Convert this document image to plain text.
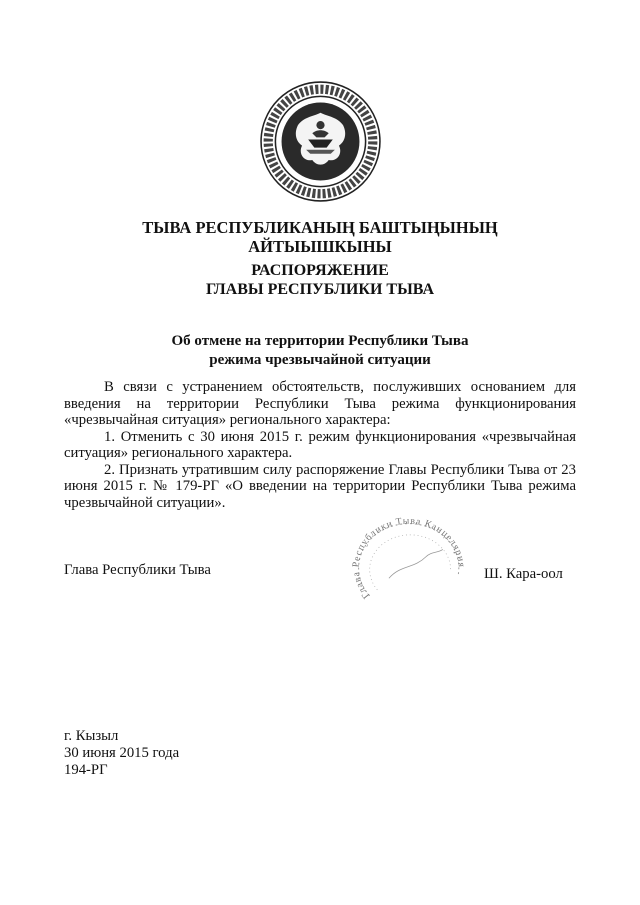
ТЫВА РЕСПУБЛИКАНЫҢ БАШТЫҢЫНЫҢ
АЙТЫЫШКЫНЫ
РАСПОРЯЖЕНИЕ
ГЛАВЫ РЕСПУБЛИКИ ТЫВА
Об отмене на территории Республики Тыва
режима чрезвычайной ситуации

В связи с устранением обстоятельств, послуживших основанием для введения на территории Республики Тыва режима функционирования «чрезвычайная ситуация» регионального характера:

1. Отменить с 30 июня 2015 г. режим функционирования «чрезвычайная ситуация» регионального характера.

2. Признать утратившим силу распоряжение Главы Республики Тыва от 23 июня 2015 г. № 179-РГ «О введении на территории Республики Тыва режима чрезвычайной ситуации».

Глава Республики Тыва
Глава Республики Тыва Канцелярия
Ш. Кара-оол
г. Кызыл
30 июня 2015 года
194-РГ
